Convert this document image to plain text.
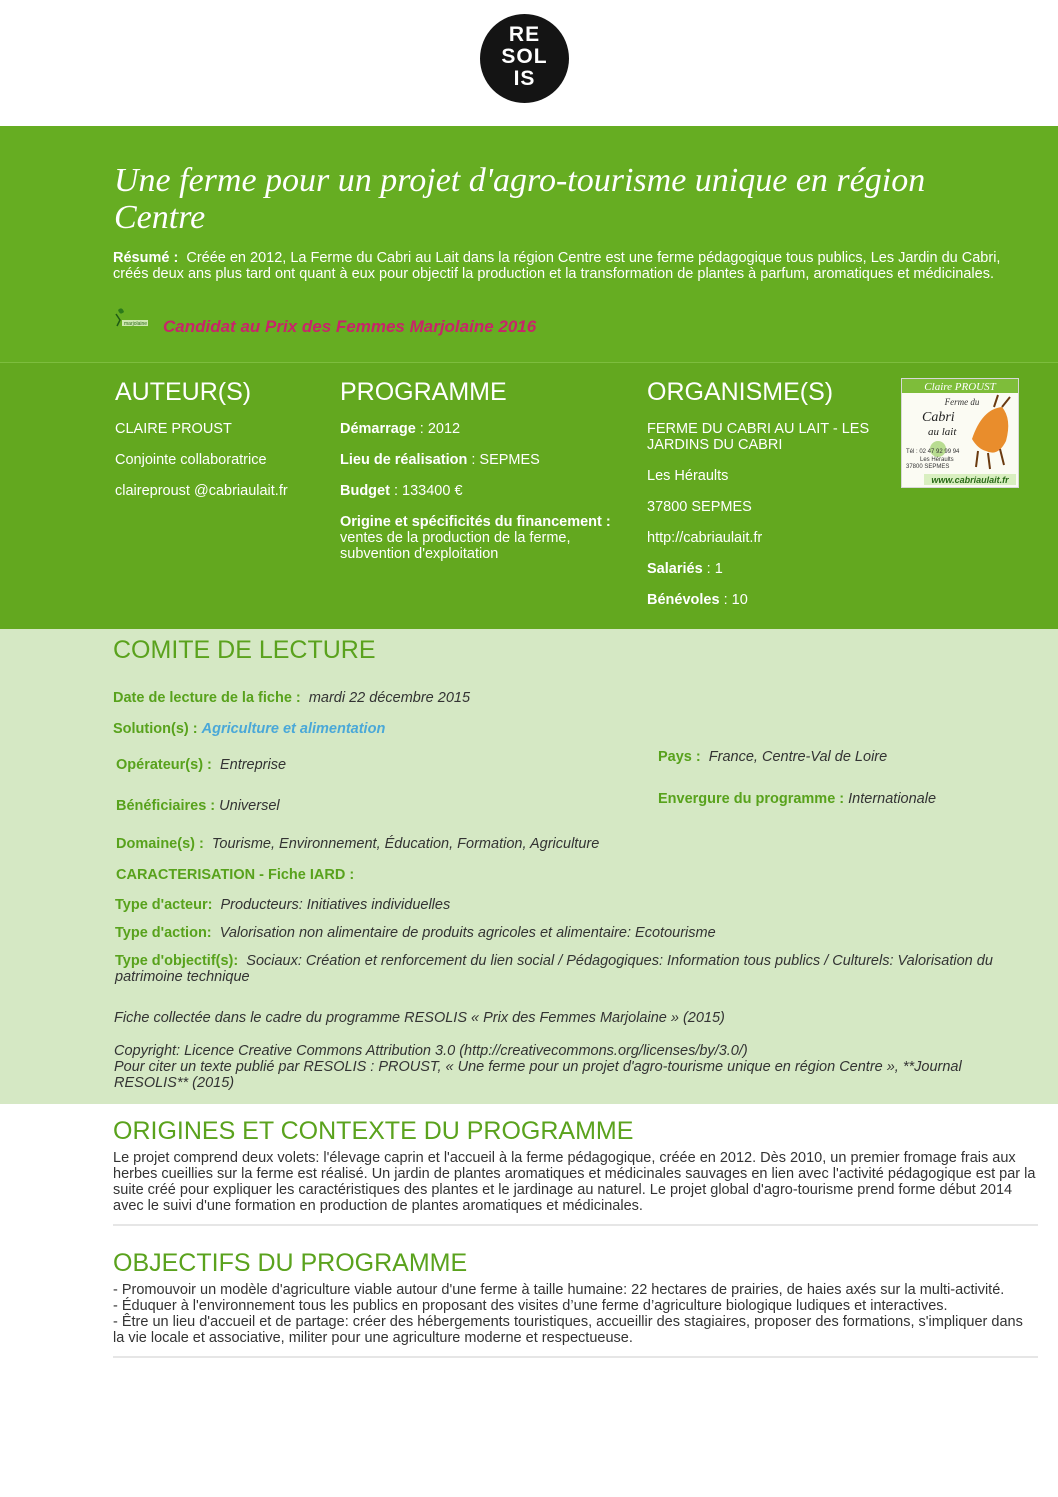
RE
SOL
IS
Une ferme pour un projet d'agro-tourisme unique en région Centre
Résumé : Créée en 2012, La Ferme du Cabri au Lait dans la région Centre est une ferme pédagogique tous publics, Les Jardin du Cabri, créés deux ans plus tard ont quant à eux pour objectif la production et la transformation de plantes à parfum, aromatiques et médicinales.
marjolaine Candidat au Prix des Femmes Marjolaine 2016
AUTEUR(S)

CLAIRE PROUST

Conjointe collaboratrice

claireproust @cabriaulait.fr

PROGRAMME

Démarrage : 2012

Lieu de réalisation : SEPMES

Budget : 133400 €

Origine et spécificités du financement :
ventes de la production de la ferme, subvention d'exploitation

ORGANISME(S)

FERME DU CABRI AU LAIT - LES JARDINS DU CABRI

Les Héraults

37800 SEPMES

http://cabriaulait.fr

Salariés : 1

Bénévoles : 10

Claire PROUST
Ferme du
Cabri
au lait
Tél : 02 47 92 99 94
Les Héraults
37800 SEPMES
www.cabriaulait.fr
COMITE DE LECTURE
Date de lecture de la fiche : mardi 22 décembre 2015
Solution(s) : Agriculture et alimentation
Opérateur(s) : Entreprise	Pays : France, Centre-Val de Loire
Bénéficiaires : Universel	Envergure du programme : Internationale
Domaine(s) : Tourisme, Environnement, Éducation, Formation, Agriculture
CARACTERISATION - Fiche IARD :
Type d'acteur: Producteurs: Initiatives individuelles
Type d'action: Valorisation non alimentaire de produits agricoles et alimentaire: Ecotourisme
Type d'objectif(s): Sociaux: Création et renforcement du lien social / Pédagogiques: Information tous publics / Culturels: Valorisation du patrimoine technique
Fiche collectée dans le cadre du programme RESOLIS « Prix des Femmes Marjolaine » (2015)
Copyright: Licence Creative Commons Attribution 3.0 (http://creativecommons.org/licenses/by/3.0/)
Pour citer un texte publié par RESOLIS : PROUST, « Une ferme pour un projet d'agro-tourisme unique en région Centre », **Journal RESOLIS** (2015)
ORIGINES ET CONTEXTE DU PROGRAMME
Le projet comprend deux volets: l'élevage caprin et l'accueil à la ferme pédagogique, créée en 2012. Dès 2010, un premier fromage frais aux herbes cueillies sur la ferme est réalisé. Un jardin de plantes aromatiques et médicinales sauvages en lien avec l'activité pédagogique est par la suite créé pour expliquer les caractéristiques des plantes et le jardinage au naturel. Le projet global d'agro-tourisme prend forme début 2014 avec le suivi d'une formation en production de plantes aromatiques et médicinales.
OBJECTIFS DU PROGRAMME
- Promouvoir un modèle d'agriculture viable autour d'une ferme à taille humaine: 22 hectares de prairies, de haies axés sur la multi-activité.
- Éduquer à l'environnement tous les publics en proposant des visites d’une ferme d’agriculture biologique ludiques et interactives.
- Être un lieu d'accueil et de partage: créer des hébergements touristiques, accueillir des stagiaires, proposer des formations, s'impliquer dans la vie locale et associative, militer pour une agriculture moderne et respectueuse.
